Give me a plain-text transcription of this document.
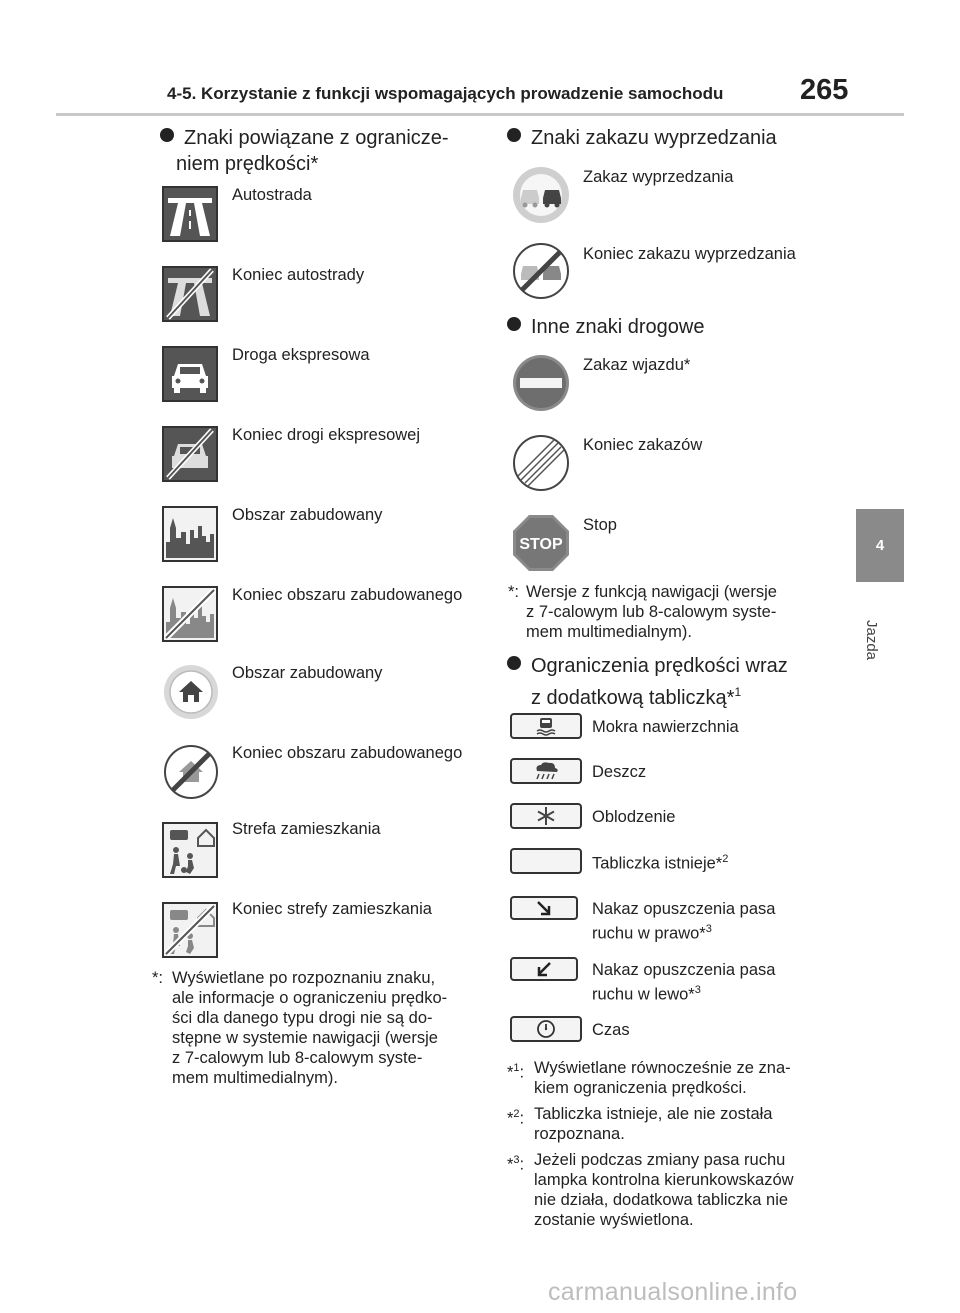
4-5. Korzystanie z funkcji wspomagających prowadzenie samochodu	265
4
Jazda
Znaki powiązane z ogranicze-
niem prędkości*
Autostrada
Koniec autostrady
Droga ekspresowa
Koniec drogi ekspresowej
Obszar zabudowany
Koniec obszaru zabudowanego
Obszar zabudowany
Koniec obszaru zabudowanego
Strefa zamieszkania
Koniec strefy zamieszkania
*: Wyświetlane po rozpoznaniu znaku,
ale informacje o ograniczeniu prędko-
ści dla danego typu drogi nie są do-
stępne w systemie nawigacji (wersje
z 7-calowym lub 8-calowym syste-
mem multimedialnym).
Znaki zakazu wyprzedzania
Zakaz wyprzedzania
Koniec zakazu wyprzedzania
Inne znaki drogowe
Zakaz wjazdu*
Koniec zakazów
STOP
Stop
*: Wersje z funkcją nawigacji (wersje
z 7-calowym lub 8-calowym syste-
mem multimedialnym).
Ograniczenia prędkości wraz
z dodatkową tabliczką*$^1$
Mokra nawierzchnia
Deszcz
Oblodzenie
Tabliczka istnieje*$^2$
Nakaz opuszczenia pasa
ruchu w prawo*$^3$
Nakaz opuszczenia pasa
ruchu w lewo*$^3$
Czas
*$^1$: Wyświetlane równocześnie ze zna-
kiem ograniczenia prędkości.
*$^2$: Tabliczka istnieje, ale nie została
rozpoznana.
*$^3$: Jeżeli podczas zmiany pasa ruchu
lampka kontrolna kierunkowskazów
nie działa, dodatkowa tabliczka nie
zostanie wyświetlona.
carmanualsonline.info
